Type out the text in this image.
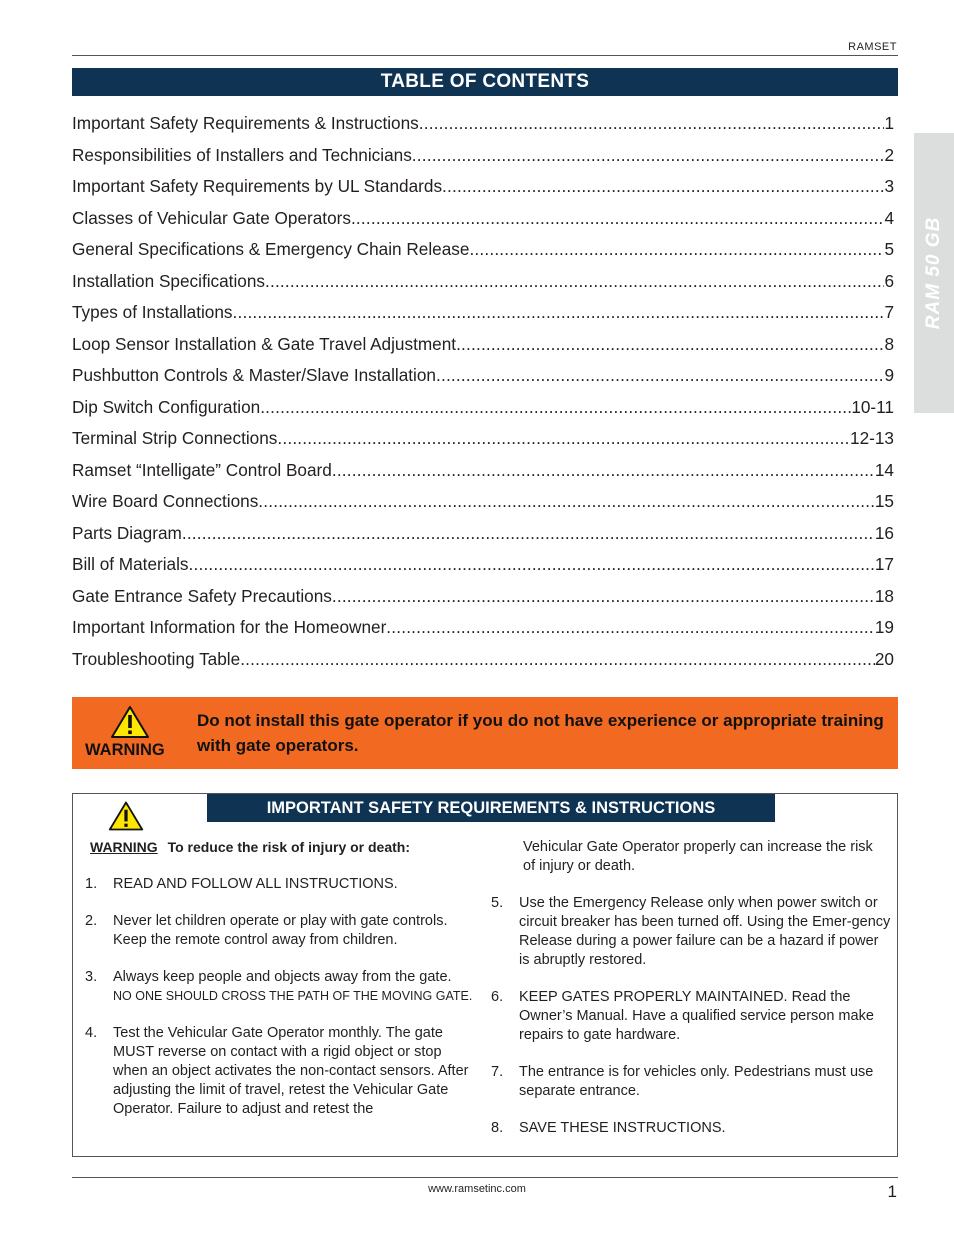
RAMSET
TABLE OF CONTENTS
Important Safety Requirements & Instructions .....	1
Responsibilities of Installers and Technicians .....	2
Important Safety Requirements by UL Standards .....	3
Classes of Vehicular Gate Operators .....	4
General Specifications & Emergency Chain Release .....	5
Installation Specifications .....	6
Types of Installations .....	7
Loop Sensor Installation & Gate Travel Adjustment .....	8
Pushbutton Controls & Master/Slave Installation .....	9
Dip Switch Configuration .....	10-11
Terminal Strip Connections .....	12-13
Ramset “Intelligate” Control Board .....	14
Wire Board Connections .....	15
Parts Diagram .....	16
Bill of Materials .....	17
Gate Entrance Safety Precautions .....	18
Important Information for the Homeowner .....	19
Troubleshooting Table .....	20
RAM 50 GB
WARNING
Do not install this gate operator if you do not have experience or appropriate training with gate operators.
IMPORTANT SAFETY REQUIREMENTS & INSTRUCTIONS
WARNING To reduce the risk of injury or death:
1.	READ AND FOLLOW ALL INSTRUCTIONS.
2.	Never let children operate or play with gate controls. Keep the remote control away from children.
3.	Always keep people and objects away from the gate.
NO ONE SHOULD CROSS THE PATH OF THE MOVING GATE.
4.	Test the Vehicular Gate Operator monthly. The gate MUST reverse on contact with a rigid object or stop when an object activates the non-contact sensors. After adjusting the limit of travel, retest the Vehicular Gate Operator. Failure to adjust and retest the
Vehicular Gate Operator properly can increase the risk of injury or death.
5.	Use the Emergency Release only when power switch or circuit breaker has been turned off. Using the Emer-gency Release during a power failure can be a hazard if power is abruptly restored.
6.	KEEP GATES PROPERLY MAINTAINED. Read the Owner’s Manual. Have a qualified service person make repairs to gate hardware.
7.	The entrance is for vehicles only. Pedestrians must use separate entrance.
8.	SAVE THESE INSTRUCTIONS.
www.ramsetinc.com	1
